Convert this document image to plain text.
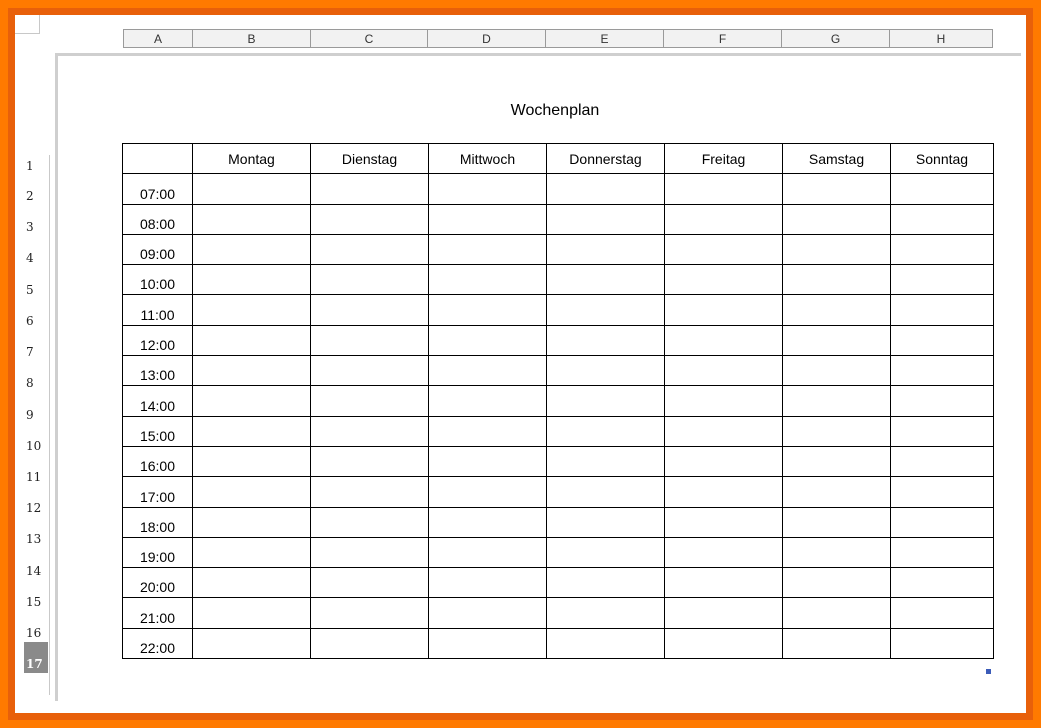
A	B	C	D	E	F	G	H
Wochenplan
	Montag	Dienstag	Mittwoch	Donnerstag	Freitag	Samstag	Sonntag
07:00							
08:00							
09:00							
10:00							
11:00							
12:00							
13:00							
14:00							
15:00							
16:00							
17:00							
18:00							
19:00							
20:00							
21:00							
22:00							
1
2
3
4
5
6
7
8
9
10
11
12
13
14
15
16
17
